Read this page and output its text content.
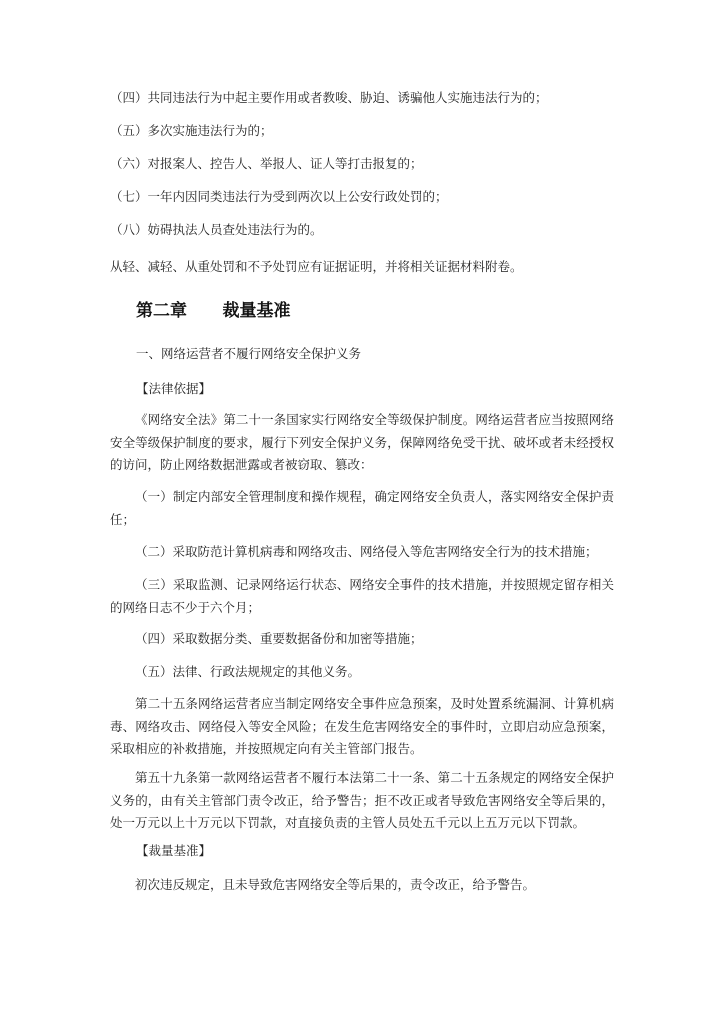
（四）共同违法行为中起主要作用或者教唆、胁迫、诱骗他人实施违法行为的；

（五）多次实施违法行为的；

（六）对报案人、控告人、举报人、证人等打击报复的；

（七）一年内因同类违法行为受到两次以上公安行政处罚的；

（八）妨碍执法人员查处违法行为的。

从轻、减轻、从重处罚和不予处罚应有证据证明，并将相关证据材料附卷。

第二章 裁量基准

一、网络运营者不履行网络安全保护义务

【法律依据】

《网络安全法》第二十一条国家实行网络安全等级保护制度。网络运营者应当按照网络安全等级保护制度的要求，履行下列安全保护义务，保障网络免受干扰、破坏或者未经授权的访问，防止网络数据泄露或者被窃取、篡改：

（一）制定内部安全管理制度和操作规程，确定网络安全负责人，落实网络安全保护责任；

（二）采取防范计算机病毒和网络攻击、网络侵入等危害网络安全行为的技术措施；

（三）采取监测、记录网络运行状态、网络安全事件的技术措施，并按照规定留存相关的网络日志不少于六个月；

（四）采取数据分类、重要数据备份和加密等措施；

（五）法律、行政法规规定的其他义务。

第二十五条网络运营者应当制定网络安全事件应急预案，及时处置系统漏洞、计算机病毒、网络攻击、网络侵入等安全风险；在发生危害网络安全的事件时，立即启动应急预案，采取相应的补救措施，并按照规定向有关主管部门报告。

第五十九条第一款网络运营者不履行本法第二十一条、第二十五条规定的网络安全保护义务的，由有关主管部门责令改正，给予警告；拒不改正或者导致危害网络安全等后果的，处一万元以上十万元以下罚款，对直接负责的主管人员处五千元以上五万元以下罚款。

【裁量基准】

初次违反规定，且未导致危害网络安全等后果的，责令改正，给予警告。
